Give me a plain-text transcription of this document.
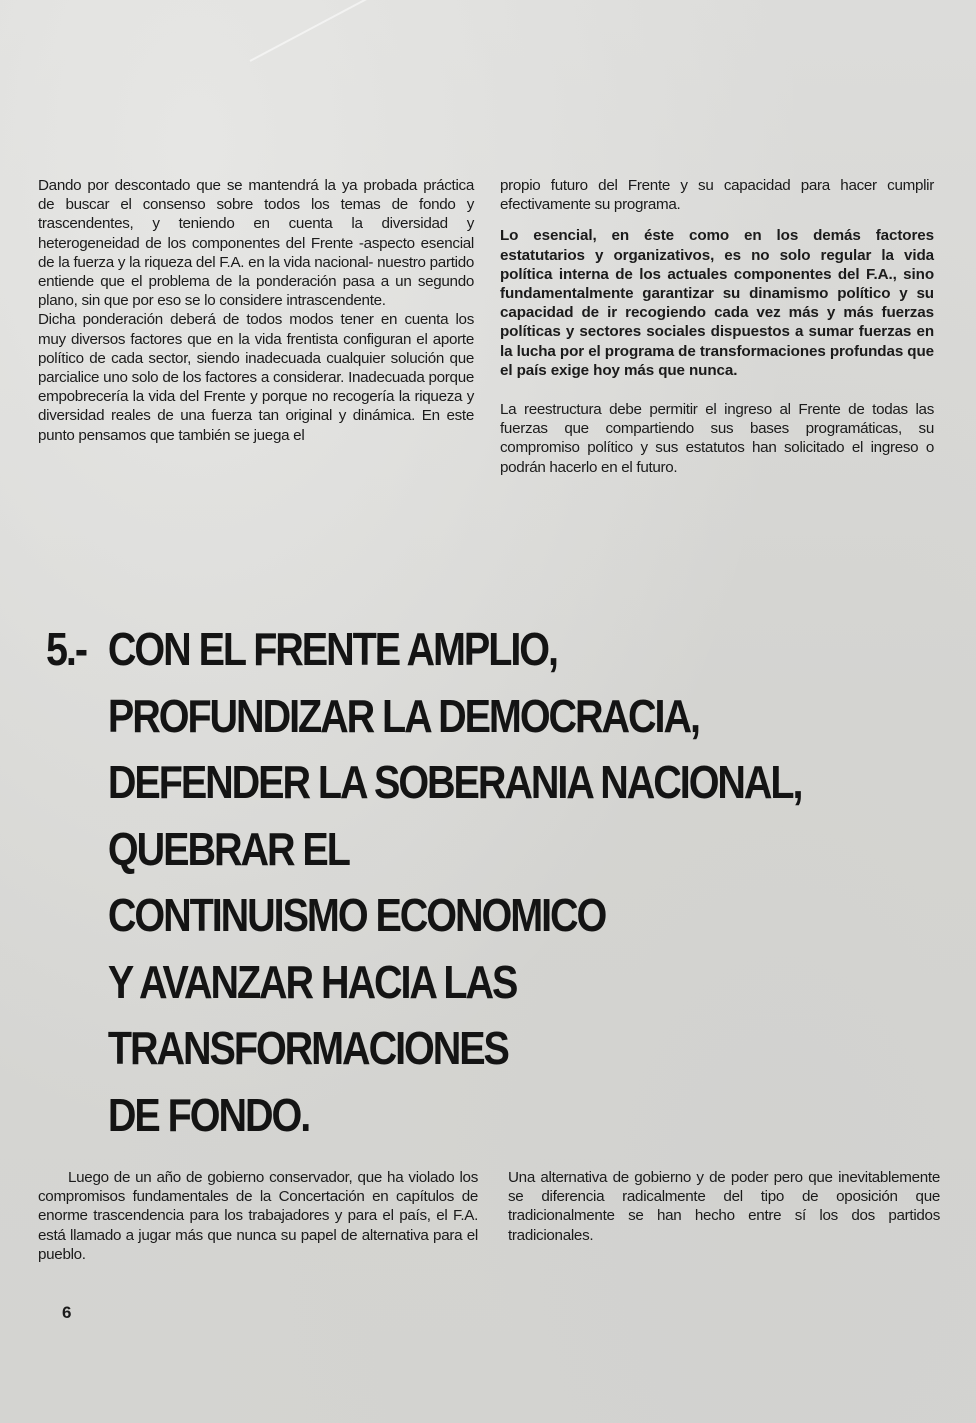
Dando por descontado que se mantendrá la ya probada práctica de buscar el consenso sobre todos los temas de fondo y trascendentes, y teniendo en cuenta la diversidad y heterogeneidad de los componentes del Frente -aspecto esencial de la fuerza y la riqueza del F.A. en la vida nacional- nuestro partido entiende que el problema de la ponderación pasa a un segundo plano, sin que por eso se lo considere intrascendente.

Dicha ponderación deberá de todos modos tener en cuenta los muy diversos factores que en la vida frentista configuran el aporte político de cada sector, siendo inadecuada cualquier solución que parcialice uno solo de los factores a considerar. Inadecuada porque empobrecería la vida del Frente y porque no recogería la riqueza y diversidad reales de una fuerza tan original y dinámica. En este punto pensamos que también se juega el

propio futuro del Frente y su capacidad para hacer cumplir efectivamente su programa.

Lo esencial, en éste como en los demás factores estatutarios y organizativos, es no solo regular la vida política interna de los actuales componentes del F.A., sino fundamentalmente garantizar su dinamismo político y su capacidad de ir recogiendo cada vez más y más fuerzas políticas y sectores sociales dispuestos a sumar fuerzas en la lucha por el programa de transformaciones profundas que el país exige hoy más que nunca.

La reestructura debe permitir el ingreso al Frente de todas las fuerzas que compartiendo sus bases programáticas, su compromiso político y sus estatutos han solicitado el ingreso o podrán hacerlo en el futuro.

5.- CON EL FRENTE AMPLIO,
PROFUNDIZAR LA DEMOCRACIA,
DEFENDER LA SOBERANIA NACIONAL,
QUEBRAR EL
CONTINUISMO ECONOMICO
Y AVANZAR HACIA LAS
TRANSFORMACIONES
DE FONDO.

Luego de un año de gobierno conservador, que ha violado los compromisos fundamentales de la Concertación en capítulos de enorme trascendencia para los trabajadores y para el país, el F.A. está llamado a jugar más que nunca su papel de alternativa para el pueblo.

Una alternativa de gobierno y de poder pero que inevitablemente se diferencia radicalmente del tipo de oposición que tradicionalmente se han hecho entre sí los dos partidos tradicionales.

6
